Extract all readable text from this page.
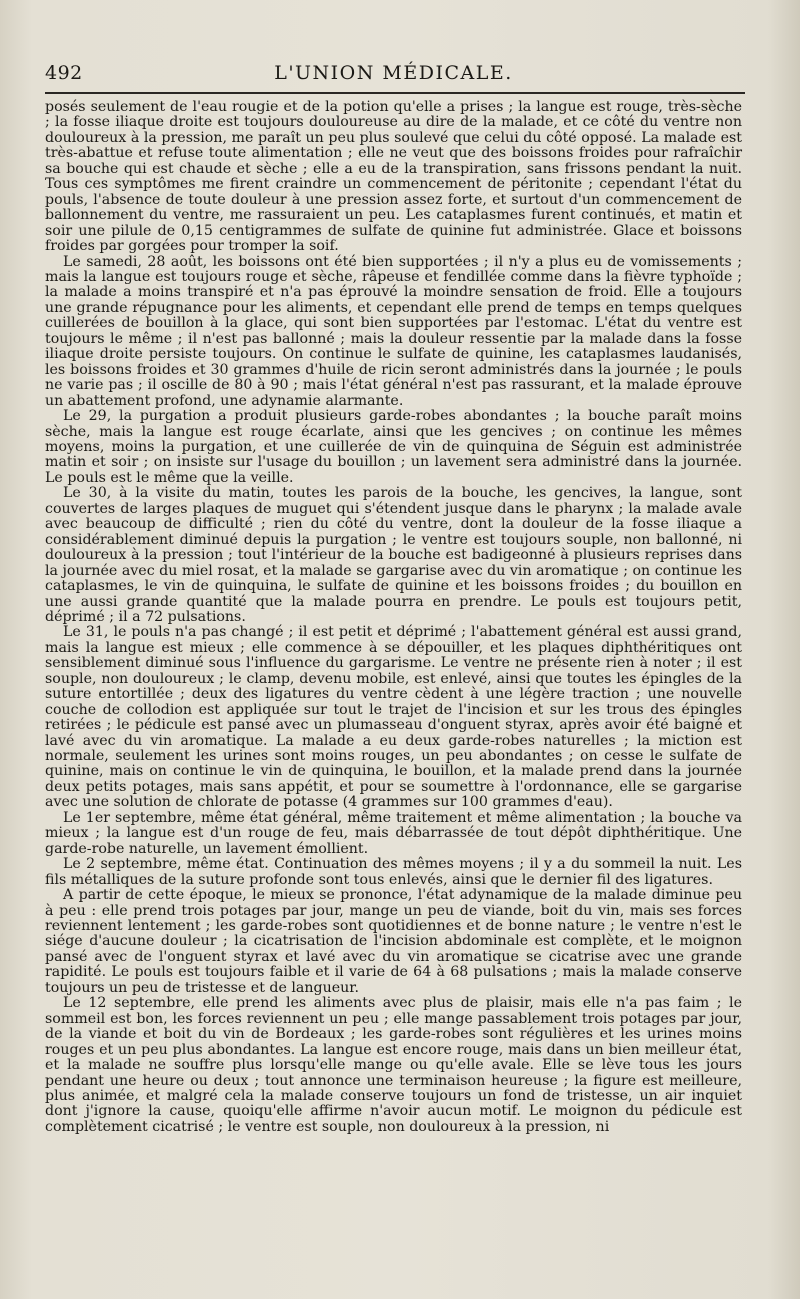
492	L'UNION MÉDICALE.

posés seulement de l'eau rougie et de la potion qu'elle a prises ; la langue est rouge, très-sèche ; la fosse iliaque droite est toujours douloureuse au dire de la malade, et ce côté du ventre non douloureux à la pression, me paraît un peu plus soulevé que celui du côté opposé. La malade est très-abattue et refuse toute alimentation ; elle ne veut que des boissons froides pour rafraîchir sa bouche qui est chaude et sèche ; elle a eu de la transpiration, sans frissons pendant la nuit. Tous ces symptômes me firent craindre un commencement de péritonite ; cependant l'état du pouls, l'absence de toute douleur à une pression assez forte, et surtout d'un commencement de ballonnement du ventre, me rassuraient un peu. Les cataplasmes furent continués, et matin et soir une pilule de 0,15 centigrammes de sulfate de quinine fut administrée. Glace et boissons froides par gorgées pour tromper la soif.

Le samedi, 28 août, les boissons ont été bien supportées ; il n'y a plus eu de vomissements ; mais la langue est toujours rouge et sèche, râpeuse et fendillée comme dans la fièvre typhoïde ; la malade a moins transpiré et n'a pas éprouvé la moindre sensation de froid. Elle a toujours une grande répugnance pour les aliments, et cependant elle prend de temps en temps quelques cuillerées de bouillon à la glace, qui sont bien supportées par l'estomac. L'état du ventre est toujours le même ; il n'est pas ballonné ; mais la douleur ressentie par la malade dans la fosse iliaque droite persiste toujours. On continue le sulfate de quinine, les cataplasmes laudanisés, les boissons froides et 30 grammes d'huile de ricin seront administrés dans la journée ; le pouls ne varie pas ; il oscille de 80 à 90 ; mais l'état général n'est pas rassurant, et la malade éprouve un abattement profond, une adynamie alarmante.

Le 29, la purgation a produit plusieurs garde-robes abondantes ; la bouche paraît moins sèche, mais la langue est rouge écarlate, ainsi que les gencives ; on continue les mêmes moyens, moins la purgation, et une cuillerée de vin de quinquina de Séguin est administrée matin et soir ; on insiste sur l'usage du bouillon ; un lavement sera administré dans la journée. Le pouls est le même que la veille.

Le 30, à la visite du matin, toutes les parois de la bouche, les gencives, la langue, sont couvertes de larges plaques de muguet qui s'étendent jusque dans le pharynx ; la malade avale avec beaucoup de difficulté ; rien du côté du ventre, dont la douleur de la fosse iliaque a considérablement diminué depuis la purgation ; le ventre est toujours souple, non ballonné, ni douloureux à la pression ; tout l'intérieur de la bouche est badigeonné à plusieurs reprises dans la journée avec du miel rosat, et la malade se gargarise avec du vin aromatique ; on continue les cataplasmes, le vin de quinquina, le sulfate de quinine et les boissons froides ; du bouillon en une aussi grande quantité que la malade pourra en prendre. Le pouls est toujours petit, déprimé ; il a 72 pulsations.

Le 31, le pouls n'a pas changé ; il est petit et déprimé ; l'abattement général est aussi grand, mais la langue est mieux ; elle commence à se dépouiller, et les plaques diphthéritiques ont sensiblement diminué sous l'influence du gargarisme. Le ventre ne présente rien à noter ; il est souple, non douloureux ; le clamp, devenu mobile, est enlevé, ainsi que toutes les épingles de la suture entortillée ; deux des ligatures du ventre cèdent à une légère traction ; une nouvelle couche de collodion est appliquée sur tout le trajet de l'incision et sur les trous des épingles retirées ; le pédicule est pansé avec un plumasseau d'onguent styrax, après avoir été baigné et lavé avec du vin aromatique. La malade a eu deux garde-robes naturelles ; la miction est normale, seulement les urines sont moins rouges, un peu abondantes ; on cesse le sulfate de quinine, mais on continue le vin de quinquina, le bouillon, et la malade prend dans la journée deux petits potages, mais sans appétit, et pour se soumettre à l'ordonnance, elle se gargarise avec une solution de chlorate de potasse (4 grammes sur 100 grammes d'eau).

Le 1er septembre, même état général, même traitement et même alimentation ; la bouche va mieux ; la langue est d'un rouge de feu, mais débarrassée de tout dépôt diphthéritique. Une garde-robe naturelle, un lavement émollient.

Le 2 septembre, même état. Continuation des mêmes moyens ; il y a du sommeil la nuit. Les fils métalliques de la suture profonde sont tous enlevés, ainsi que le dernier fil des ligatures.

A partir de cette époque, le mieux se prononce, l'état adynamique de la malade diminue peu à peu : elle prend trois potages par jour, mange un peu de viande, boit du vin, mais ses forces reviennent lentement ; les garde-robes sont quotidiennes et de bonne nature ; le ventre n'est le siége d'aucune douleur ; la cicatrisation de l'incision abdominale est complète, et le moignon pansé avec de l'onguent styrax et lavé avec du vin aromatique se cicatrise avec une grande rapidité. Le pouls est toujours faible et il varie de 64 à 68 pulsations ; mais la malade conserve toujours un peu de tristesse et de langueur.

Le 12 septembre, elle prend les aliments avec plus de plaisir, mais elle n'a pas faim ; le sommeil est bon, les forces reviennent un peu ; elle mange passablement trois potages par jour, de la viande et boit du vin de Bordeaux ; les garde-robes sont régulières et les urines moins rouges et un peu plus abondantes. La langue est encore rouge, mais dans un bien meilleur état, et la malade ne souffre plus lorsqu'elle mange ou qu'elle avale. Elle se lève tous les jours pendant une heure ou deux ; tout annonce une terminaison heureuse ; la figure est meilleure, plus animée, et malgré cela la malade conserve toujours un fond de tristesse, un air inquiet dont j'ignore la cause, quoiqu'elle affirme n'avoir aucun motif. Le moignon du pédicule est complètement cicatrisé ; le ventre est souple, non douloureux à la pression, ni
